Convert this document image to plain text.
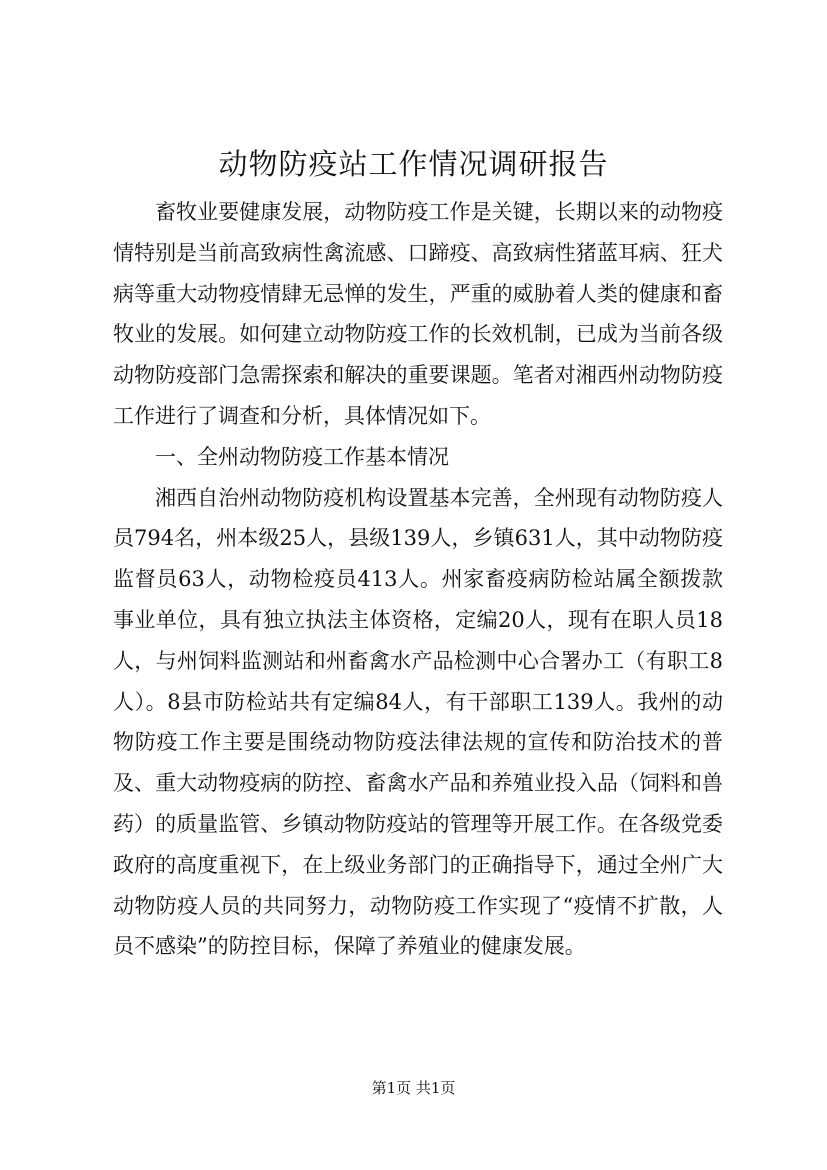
动物防疫站工作情况调研报告

畜牧业要健康发展，动物防疫工作是关键，长期以来的动物疫情特别是当前高致病性禽流感、口蹄疫、高致病性猪蓝耳病、狂犬病等重大动物疫情肆无忌惮的发生，严重的威胁着人类的健康和畜牧业的发展。如何建立动物防疫工作的长效机制，已成为当前各级动物防疫部门急需探索和解决的重要课题。笔者对湘西州动物防疫工作进行了调查和分析，具体情况如下。

一、全州动物防疫工作基本情况

湘西自治州动物防疫机构设置基本完善，全州现有动物防疫人员794名，州本级25人，县级139人，乡镇631人，其中动物防疫监督员63人，动物检疫员413人。州家畜疫病防检站属全额拨款事业单位，具有独立执法主体资格，定编20人，现有在职人员18人，与州饲料监测站和州畜禽水产品检测中心合署办工（有职工8人）。8县市防检站共有定编84人，有干部职工139人。我州的动物防疫工作主要是围绕动物防疫法律法规的宣传和防治技术的普及、重大动物疫病的防控、畜禽水产品和养殖业投入品（饲料和兽药）的质量监管、乡镇动物防疫站的管理等开展工作。在各级党委政府的高度重视下，在上级业务部门的正确指导下，通过全州广大动物防疫人员的共同努力，动物防疫工作实现了“疫情不扩散，人员不感染”的防控目标，保障了养殖业的健康发展。

第1页 共1页
